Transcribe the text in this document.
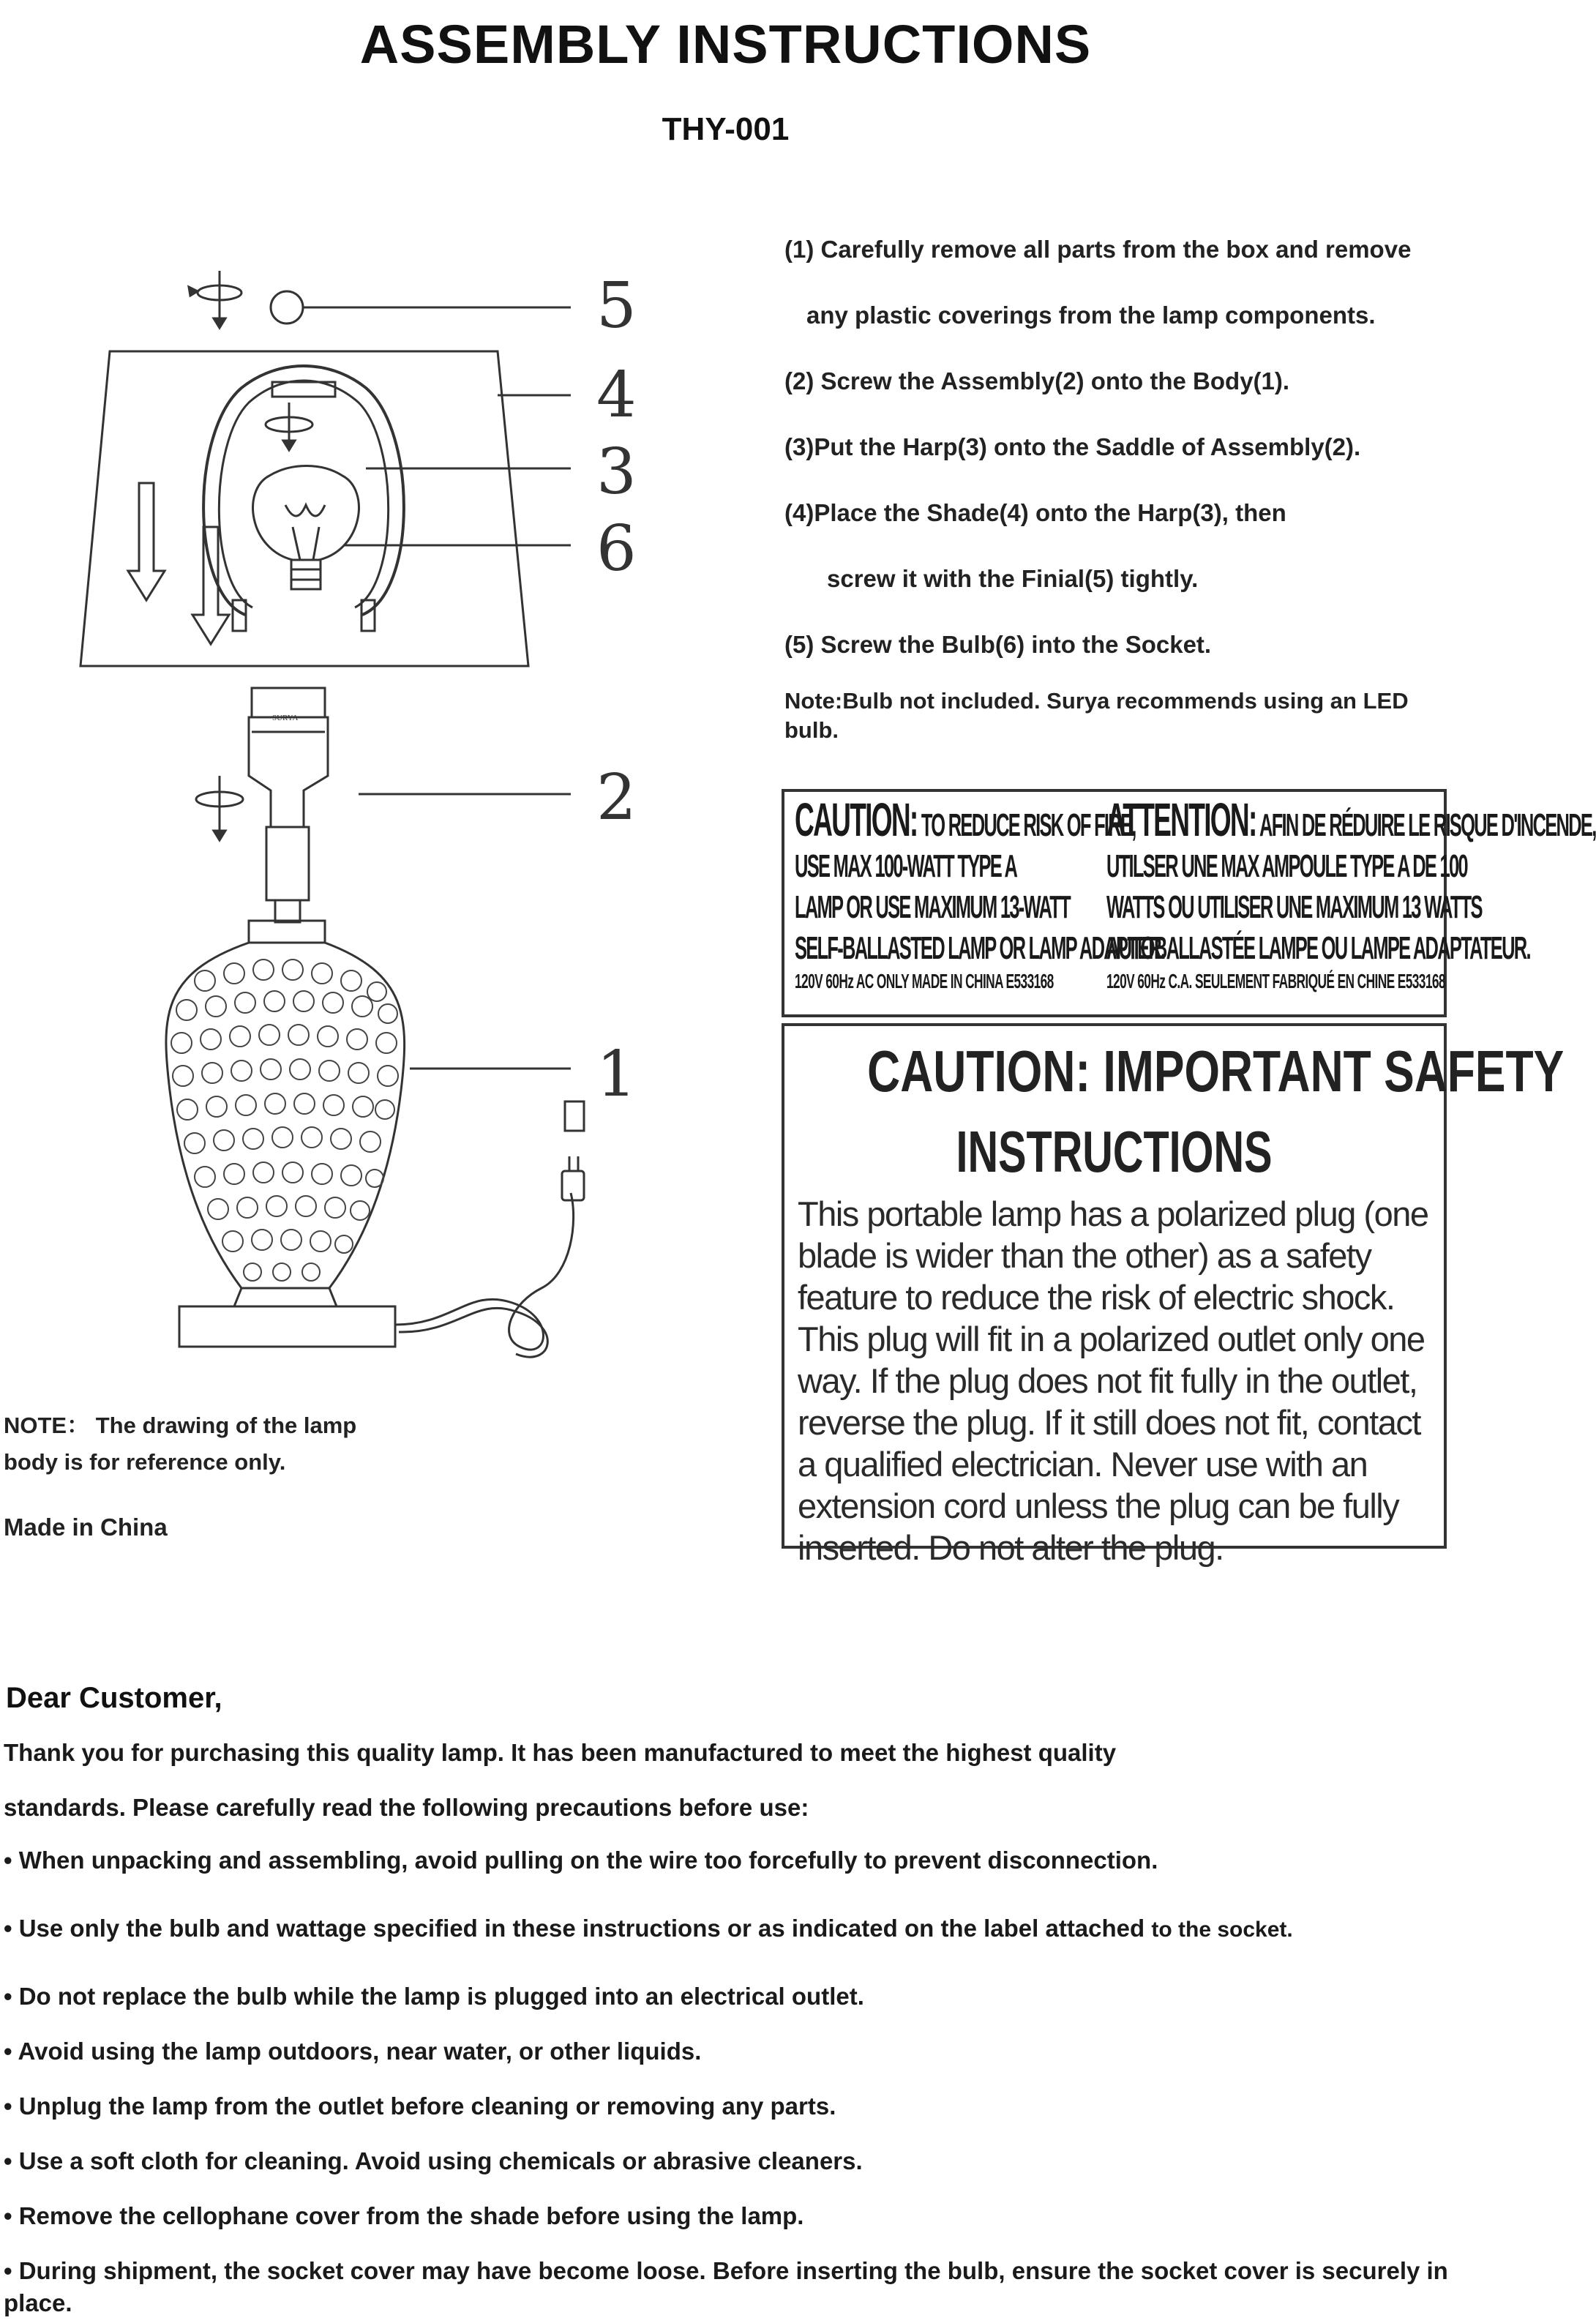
ASSEMBLY INSTRUCTIONS
THY-001
SURYA
5
4
3
6
2
1
(1) Carefully remove all parts from the box and remove
any plastic coverings from the lamp components.
(2) Screw the Assembly(2) onto the Body(1).
(3)Put the Harp(3) onto the Saddle of Assembly(2).
(4)Place the Shade(4) onto the Harp(3), then
screw it with the Finial(5) tightly.
(5) Screw the Bulb(6) into the Socket.
Note:Bulb not included. Surya recommends using an LED bulb.
CAUTION: TO REDUCE RISK OF FIRE,
USE MAX 100-WATT TYPE A
LAMP OR USE MAXIMUM 13-WATT
SELF-BALLASTED LAMP OR LAMP ADAPTER.
120V 60Hz AC ONLY MADE IN CHINA E533168
ATTENTION: AFIN DE RÉDUIRE LE RISQUE D'INCENDE,
UTILSER UNE MAX AMPOULE TYPE A DE 100
WATTS OU UTILISER UNE MAXIMUM 13 WATTS
AUTOBALLASTÉE LAMPE OU LAMPE ADAPTATEUR.
120V 60Hz C.A. SEULEMENT FABRIQUÉ EN CHINE E533168
CAUTION: IMPORTANT SAFETY
INSTRUCTIONS
This portable lamp has a polarized plug (one blade is wider than the other) as a safety feature to reduce the risk of electric shock. This plug will fit in a polarized outlet only one way. If the plug does not fit fully in the outlet, reverse the plug. If it still does not fit, contact a qualified electrician. Never use with an extension cord unless the plug can be fully inserted. Do not alter the plug.
NOTE： The drawing of the lamp
body is for reference only.
Made in China
Dear Customer,
Thank you for purchasing this quality lamp. It has been manufactured to meet the highest quality
standards. Please carefully read the following precautions before use:
• When unpacking and assembling, avoid pulling on the wire too forcefully to prevent disconnection.
• Use only the bulb and wattage specified in these instructions or as indicated on the label attached to the socket.
• Do not replace the bulb while the lamp is plugged into an electrical outlet.
• Avoid using the lamp outdoors, near water, or other liquids.
• Unplug the lamp from the outlet before cleaning or removing any parts.
• Use a soft cloth for cleaning. Avoid using chemicals or abrasive cleaners.
• Remove the cellophane cover from the shade before using the lamp.
• During shipment, the socket cover may have become loose. Before inserting the bulb, ensure the socket cover is securely in place.
